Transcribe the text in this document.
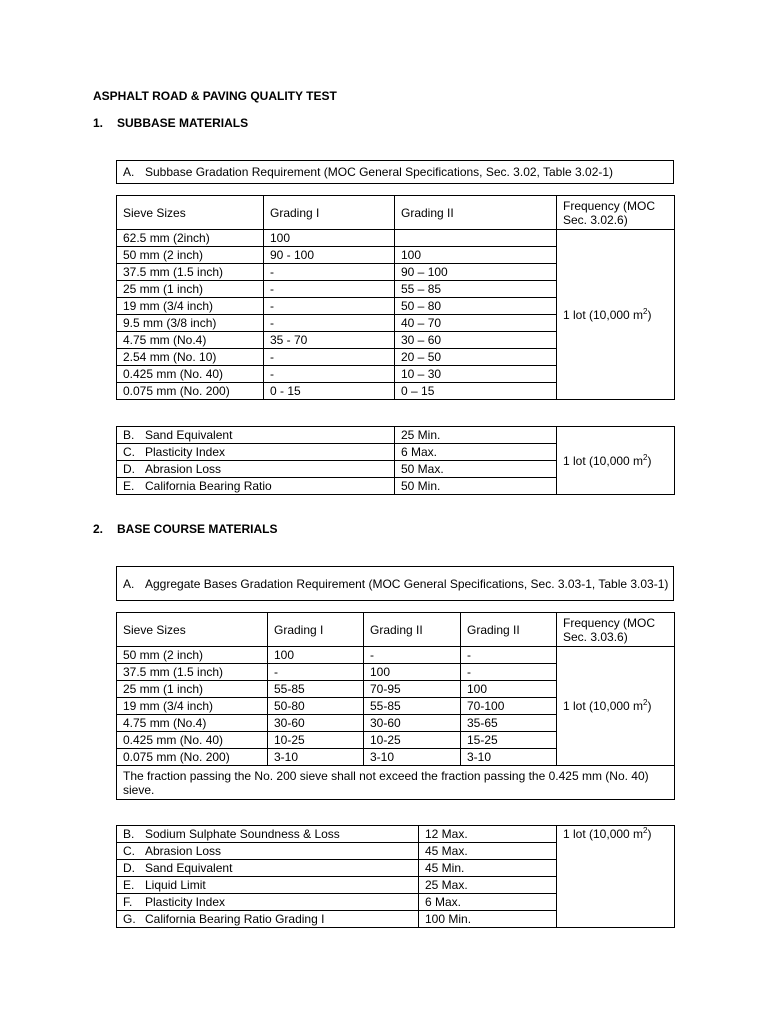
ASPHALT ROAD & PAVING QUALITY TEST
1. SUBBASE MATERIALS
A. Subbase Gradation Requirement (MOC General Specifications, Sec. 3.02, Table 3.02-1)
Sieve Sizes	Grading I	Grading II	Frequency (MOC Sec. 3.02.6)
62.5 mm (2inch)	100		1 lot (10,000 $m^2$)
50 mm (2 inch)	90 - 100	100	
37.5 mm (1.5 inch)	-	90 – 100	
25 mm (1 inch)	-	55 – 85	
19 mm (3/4 inch)	-	50 – 80	
9.5 mm (3/8 inch)	-	40 – 70	
4.75 mm (No.4)	35 - 70	30 – 60	
2.54 mm (No. 10)	-	20 – 50	
0.425 mm (No. 40)	-	10 – 30	
0.075 mm (No. 200)	0 - 15	0 – 15	
B. Sand Equivalent	25 Min.	1 lot (10,000 $m^2$)
C. Plasticity Index	6 Max.	
D. Abrasion Loss	50 Max.	
E. California Bearing Ratio	50 Min.	
2. BASE COURSE MATERIALS
A. Aggregate Bases Gradation Requirement (MOC General Specifications, Sec. 3.03-1, Table 3.03-1)
Sieve Sizes	Grading I	Grading II	Grading II	Frequency (MOC Sec. 3.03.6)
50 mm (2 inch)	100	-	-	1 lot (10,000 $m^2$)
37.5 mm (1.5 inch)	-	100	-	
25 mm (1 inch)	55-85	70-95	100	
19 mm (3/4 inch)	50-80	55-85	70-100	
4.75 mm (No.4)	30-60	30-60	35-65	
0.425 mm (No. 40)	10-25	10-25	15-25	
0.075 mm (No. 200)	3-10	3-10	3-10	
The fraction passing the No. 200 sieve shall not exceed the fraction passing the 0.425 mm (No. 40) sieve.				
B. Sodium Sulphate Soundness & Loss	12 Max.	1 lot (10,000 $m^2$)
C. Abrasion Loss	45 Max.	
D. Sand Equivalent	45 Min.	
E. Liquid Limit	25 Max.	
F. Plasticity Index	6 Max.	
G. California Bearing Ratio Grading I	100 Min.	
